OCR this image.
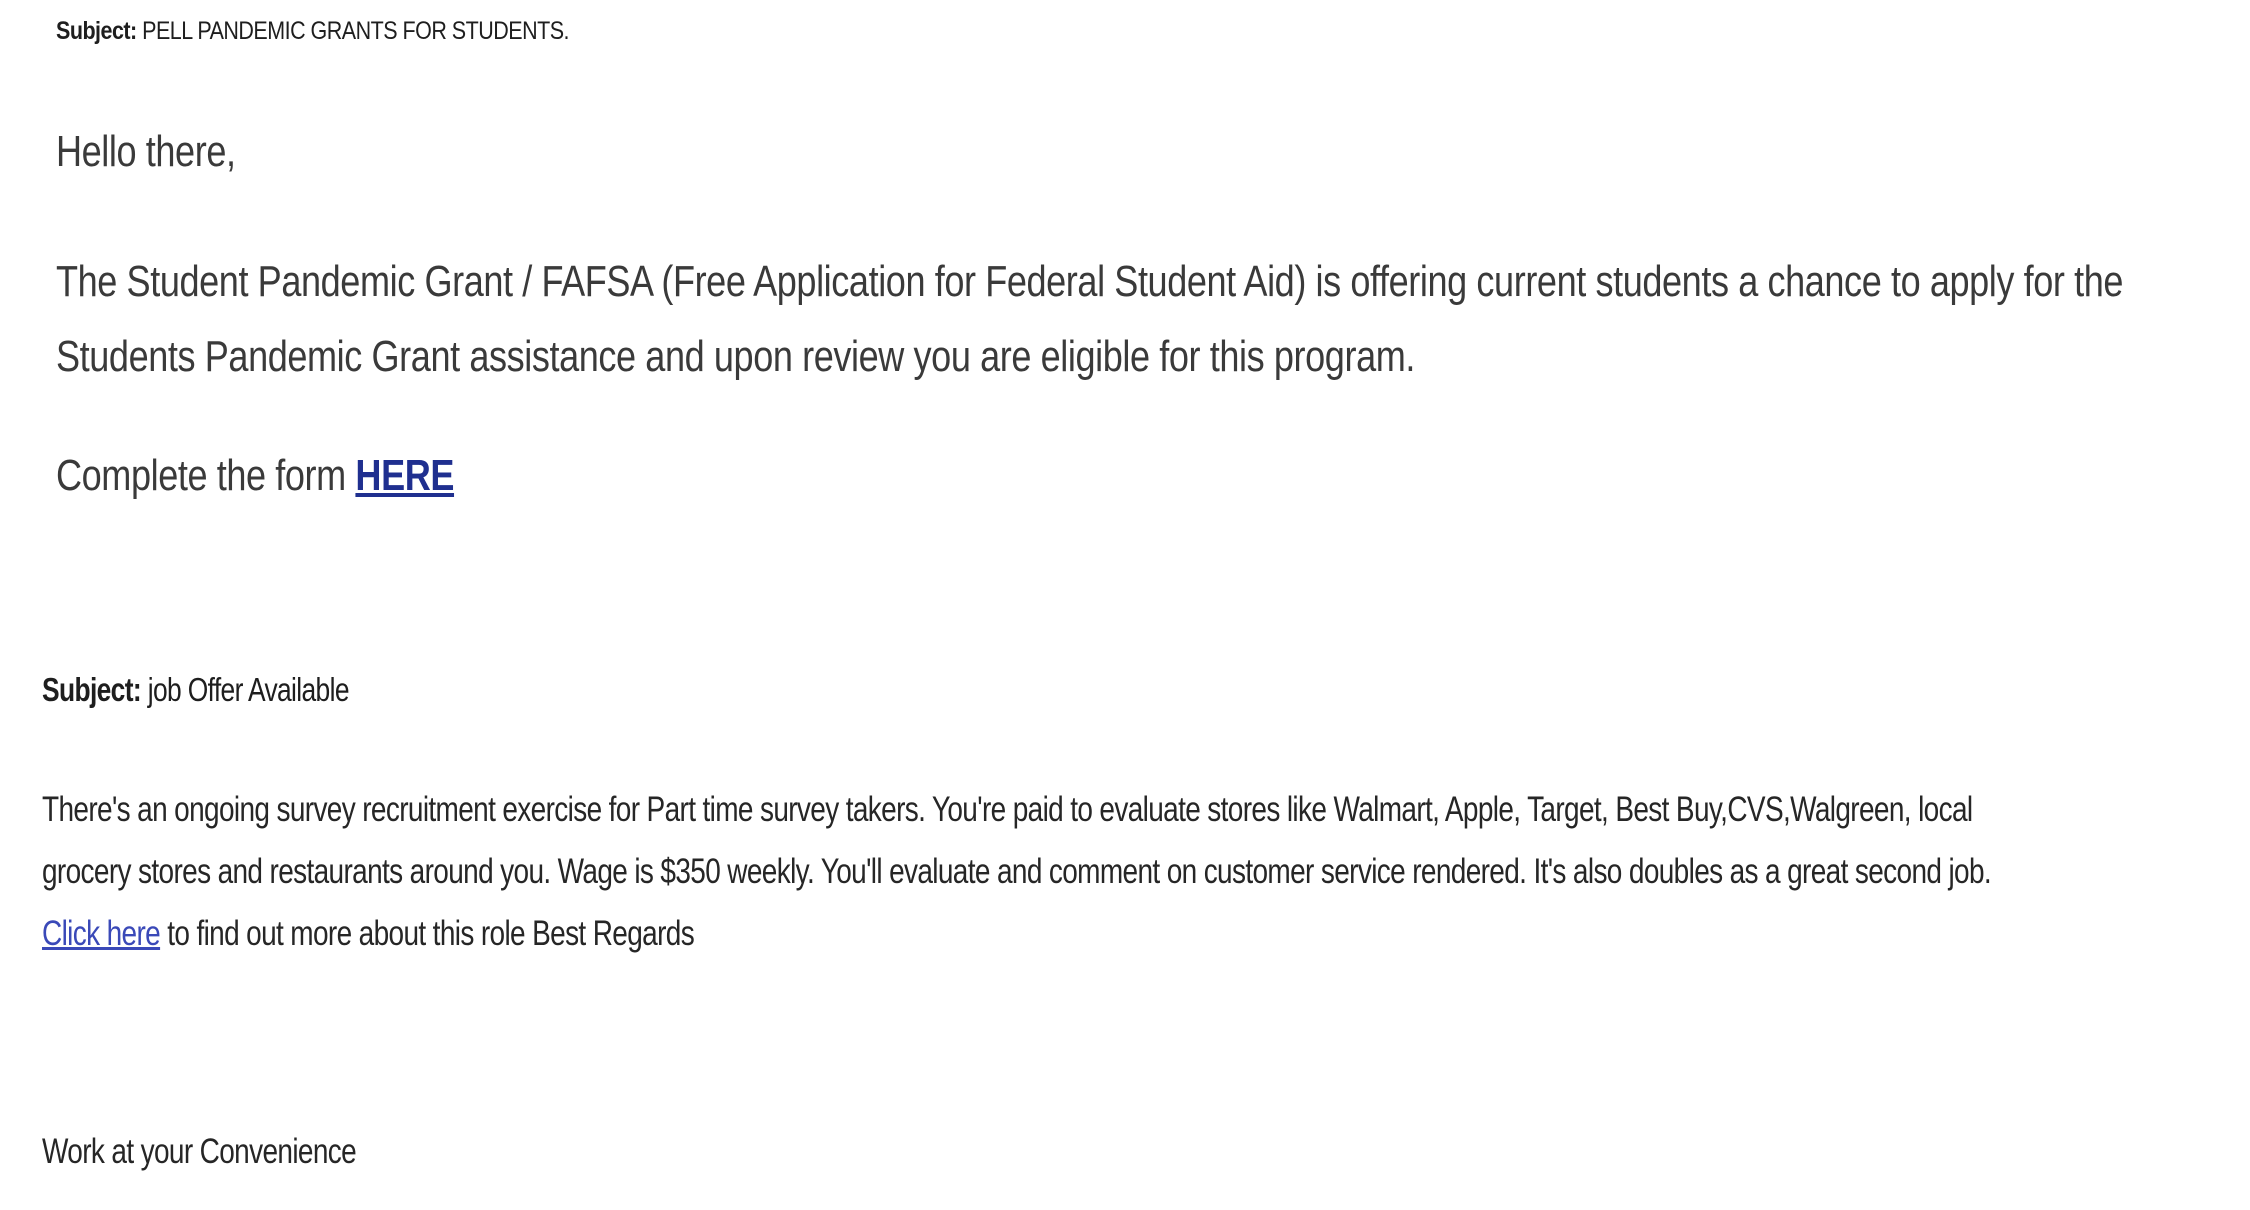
Subject: PELL PANDEMIC GRANTS FOR STUDENTS.
Hello there,
The Student Pandemic Grant / FAFSA (Free Application for Federal Student Aid) is offering current students a chance to apply for the
Students Pandemic Grant assistance and upon review you are eligible for this program.
Complete the form HERE
Subject: job Offer Available
There's an ongoing survey recruitment exercise for Part time survey takers. You're paid to evaluate stores like Walmart, Apple, Target, Best Buy,CVS,Walgreen, local
grocery stores and restaurants around you. Wage is $350 weekly. You'll evaluate and comment on customer service rendered. It's also doubles as a great second job.
Click here to find out more about this role Best Regards
Work at your Convenience
